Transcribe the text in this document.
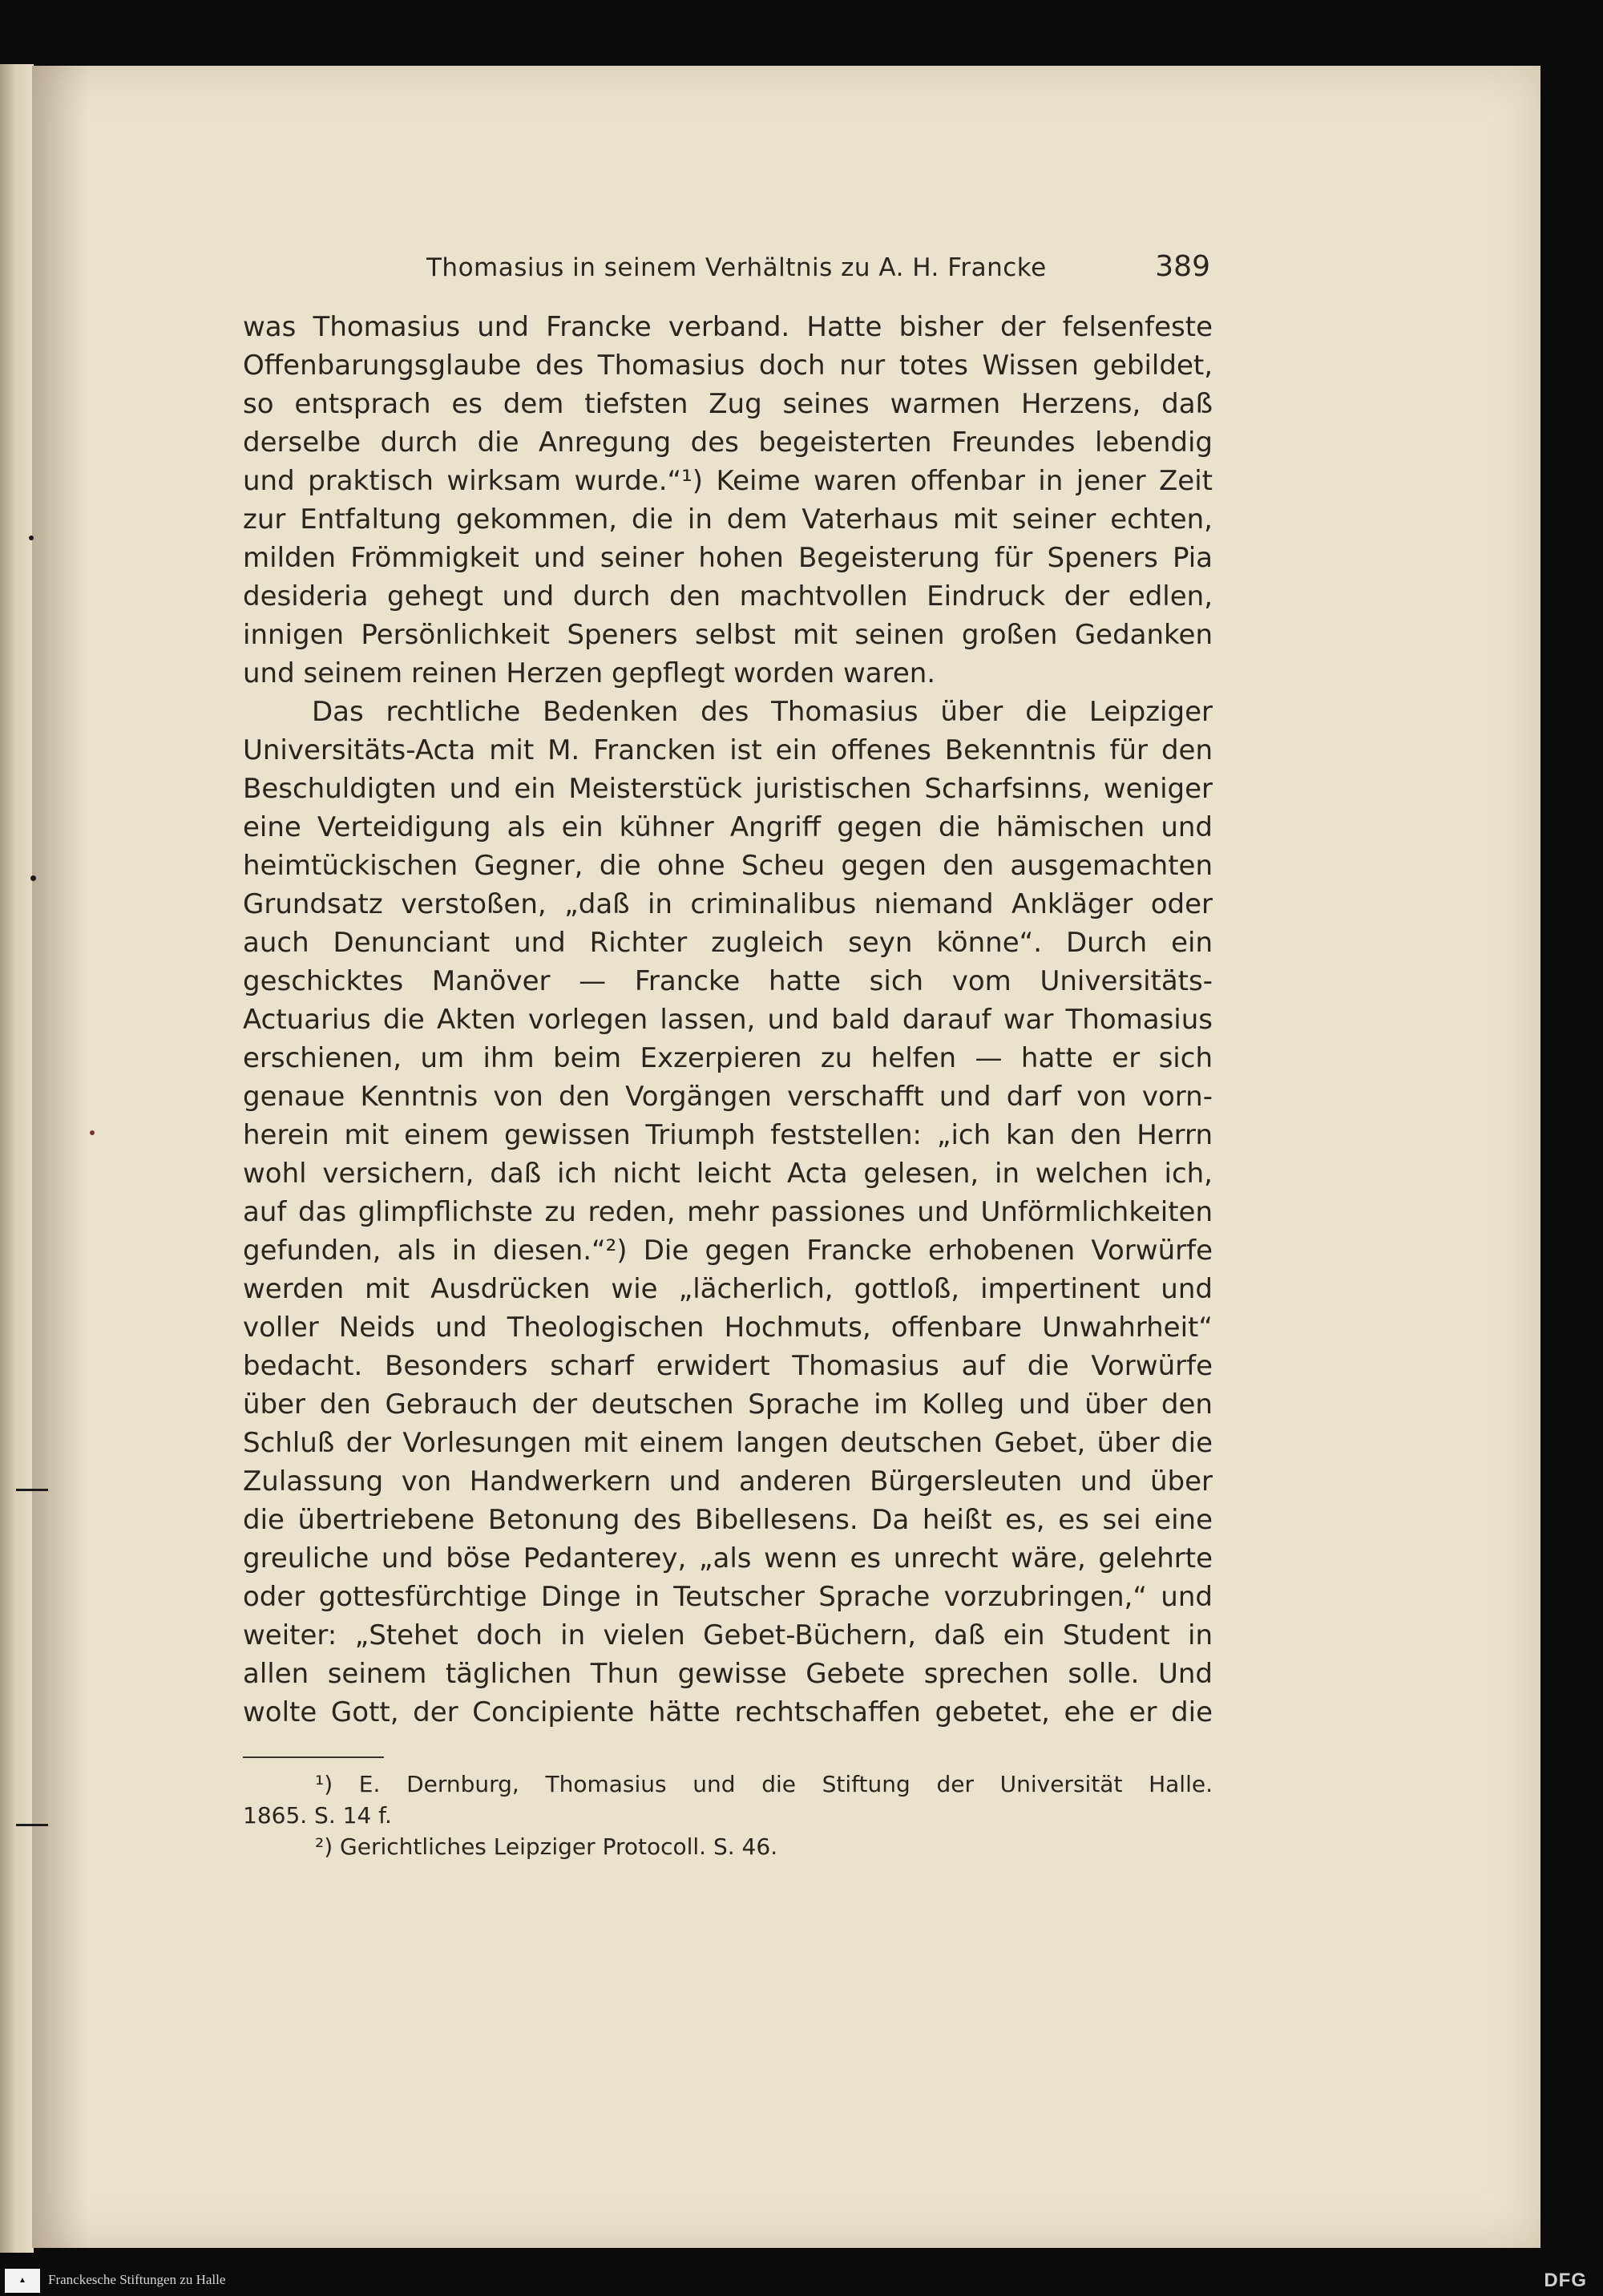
Thomasius in seinem Verhältnis zu A. H. Francke	389
was Thomasius und Francke verband. Hatte bisher der felsenfeste
Offenbarungsglaube des Thomasius doch nur totes Wissen gebildet,
so entsprach es dem tiefsten Zug seines warmen Herzens, daß
derselbe durch die Anregung des begeisterten Freundes lebendig
und praktisch wirksam wurde.“¹) Keime waren offenbar in jener Zeit
zur Entfaltung gekommen, die in dem Vaterhaus mit seiner echten,
milden Frömmigkeit und seiner hohen Begeisterung für Speners Pia
desideria gehegt und durch den machtvollen Eindruck der edlen,
innigen Persönlichkeit Speners selbst mit seinen großen Gedanken
und seinem reinen Herzen gepflegt worden waren.
Das rechtliche Bedenken des Thomasius über die Leipziger
Universitäts-Acta mit M. Francken ist ein offenes Bekenntnis für den
Beschuldigten und ein Meisterstück juristischen Scharfsinns, weniger
eine Verteidigung als ein kühner Angriff gegen die hämischen und
heimtückischen Gegner, die ohne Scheu gegen den ausgemachten
Grundsatz verstoßen, „daß in criminalibus niemand Ankläger oder
auch Denunciant und Richter zugleich seyn könne“. Durch ein
geschicktes Manöver — Francke hatte sich vom Universitäts-
Actuarius die Akten vorlegen lassen, und bald darauf war Thomasius
erschienen, um ihm beim Exzerpieren zu helfen — hatte er sich
genaue Kenntnis von den Vorgängen verschafft und darf von vorn-
herein mit einem gewissen Triumph feststellen: „ich kan den Herrn
wohl versichern, daß ich nicht leicht Acta gelesen, in welchen ich,
auf das glimpflichste zu reden, mehr passiones und Unförmlichkeiten
gefunden, als in diesen.“²) Die gegen Francke erhobenen Vorwürfe
werden mit Ausdrücken wie „lächerlich, gottloß, impertinent und
voller Neids und Theologischen Hochmuts, offenbare Unwahrheit“
bedacht. Besonders scharf erwidert Thomasius auf die Vorwürfe
über den Gebrauch der deutschen Sprache im Kolleg und über den
Schluß der Vorlesungen mit einem langen deutschen Gebet, über die
Zulassung von Handwerkern und anderen Bürgersleuten und über
die übertriebene Betonung des Bibellesens. Da heißt es, es sei eine
greuliche und böse Pedanterey, „als wenn es unrecht wäre, gelehrte
oder gottesfürchtige Dinge in Teutscher Sprache vorzubringen,“ und
weiter: „Stehet doch in vielen Gebet-Büchern, daß ein Student in
allen seinem täglichen Thun gewisse Gebete sprechen solle. Und
wolte Gott, der Concipiente hätte rechtschaffen gebetet, ehe er die
¹) E. Dernburg, Thomasius und die Stiftung der Universität Halle.
1865. S. 14 f.
²) Gerichtliches Leipziger Protocoll. S. 46.
▲	Franckesche Stiftungen zu Halle	DFG
